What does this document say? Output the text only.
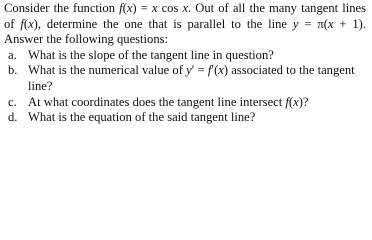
Consider the function f(x) = x cos x. Out of all the many tangent lines of f(x), determine the one that is parallel to the line y = π(x + 1). Answer the following questions:

a. What is the slope of the tangent line in question?
b. What is the numerical value of y′ = f′(x) associated to the tangent line?
c. At what coordinates does the tangent line intersect f(x)?
d. What is the equation of the said tangent line?
